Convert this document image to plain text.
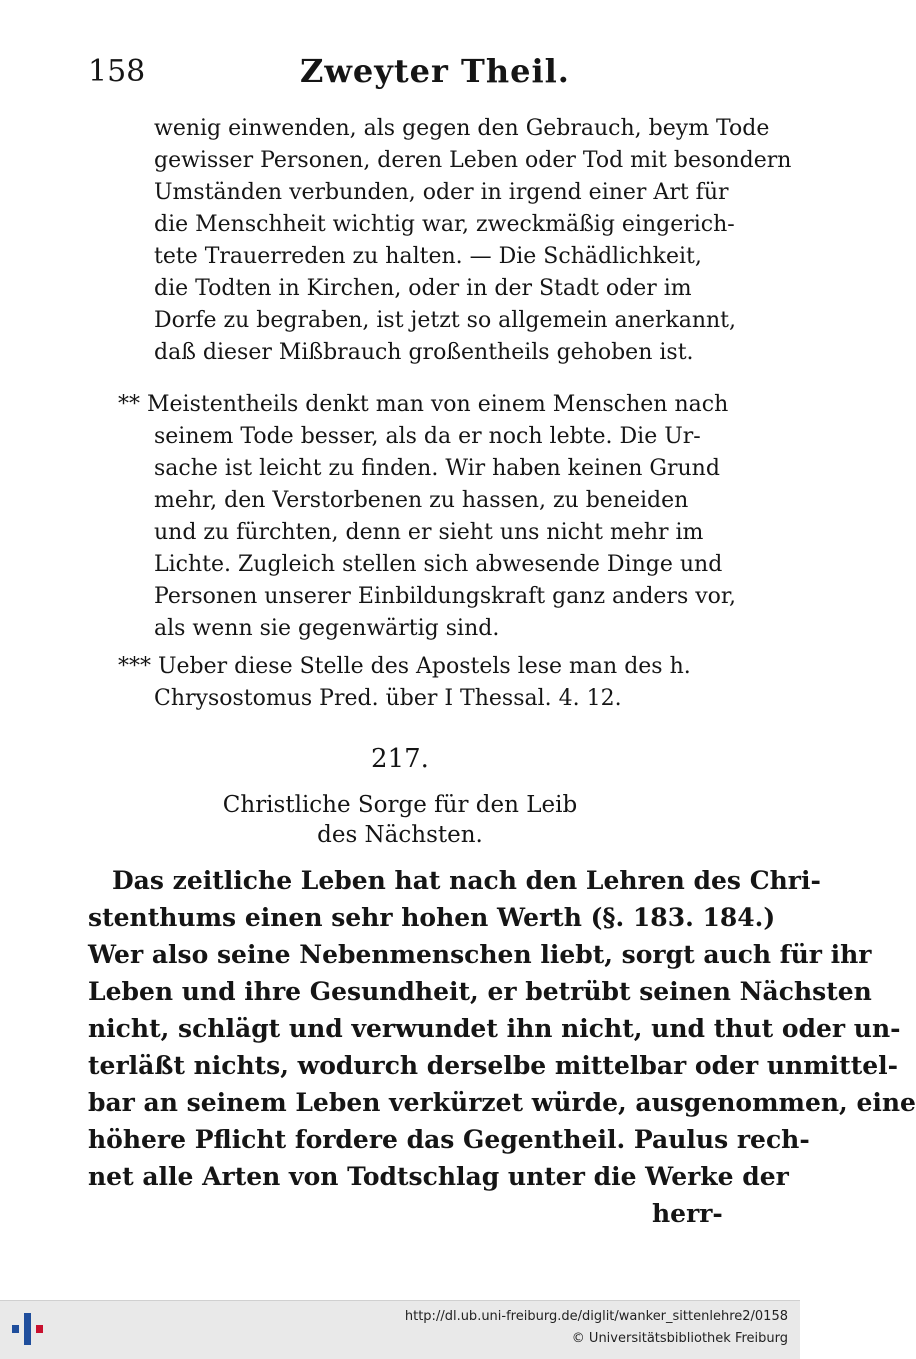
158	Zweyter Theil.
wenig einwenden, als gegen den Gebrauch, beym Tode
gewisser Personen, deren Leben oder Tod mit besondern
Umständen verbunden, oder in irgend einer Art für
die Menschheit wichtig war, zweckmäßig eingerich-
tete Trauerreden zu halten. — Die Schädlichkeit,
die Todten in Kirchen, oder in der Stadt oder im
Dorfe zu begraben, ist jetzt so allgemein anerkannt,
daß dieser Mißbrauch großentheils gehoben ist.
** Meistentheils denkt man von einem Menschen nach
seinem Tode besser, als da er noch lebte. Die Ur-
sache ist leicht zu finden. Wir haben keinen Grund
mehr, den Verstorbenen zu hassen, zu beneiden
und zu fürchten, denn er sieht uns nicht mehr im
Lichte. Zugleich stellen sich abwesende Dinge und
Personen unserer Einbildungskraft ganz anders vor,
als wenn sie gegenwärtig sind.
*** Ueber diese Stelle des Apostels lese man des h.
Chrysostomus Pred. über I Thessal. 4. 12.
217.
Christliche Sorge für den Leib
des Nächsten.
Das zeitliche Leben hat nach den Lehren des Chri-
stenthums einen sehr hohen Werth (§. 183. 184.)
Wer also seine Nebenmenschen liebt, sorgt auch für ihr
Leben und ihre Gesundheit, er betrübt seinen Nächsten
nicht, schlägt und verwundet ihn nicht, und thut oder un-
terläßt nichts, wodurch derselbe mittelbar oder unmittel-
bar an seinem Leben verkürzet würde, ausgenommen, eine
höhere Pflicht fordere das Gegentheil. Paulus rech-
net alle Arten von Todtschlag unter die Werke der
herr-
http://dl.ub.uni-freiburg.de/diglit/wanker_sittenlehre2/0158
© Universitätsbibliothek Freiburg
